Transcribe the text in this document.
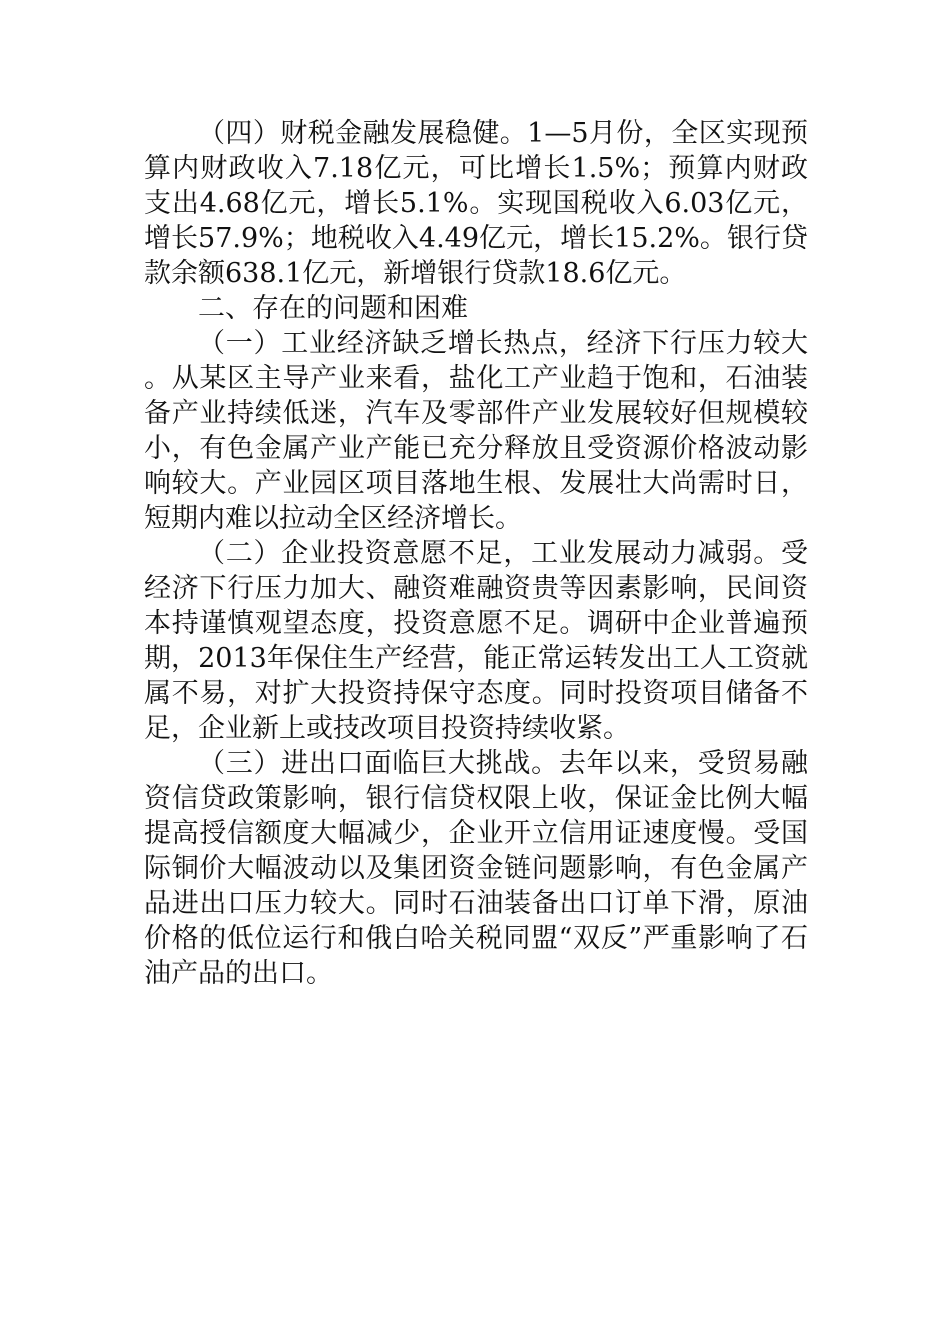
（四）财税金融发展稳健。1—5月份，全区实现预算内财政收入7.18亿元，可比增长1.5%；预算内财政支出4.68亿元，增长5.1%。实现国税收入6.03亿元，增长57.9%；地税收入4.49亿元，增长15.2%。银行贷款余额638.1亿元，新增银行贷款18.6亿元。

二、存在的问题和困难

（一）工业经济缺乏增长热点，经济下行压力较大。从某区主导产业来看，盐化工产业趋于饱和，石油装备产业持续低迷，汽车及零部件产业发展较好但规模较小，有色金属产业产能已充分释放且受资源价格波动影响较大。产业园区项目落地生根、发展壮大尚需时日，短期内难以拉动全区经济增长。

（二）企业投资意愿不足，工业发展动力减弱。受经济下行压力加大、融资难融资贵等因素影响，民间资本持谨慎观望态度，投资意愿不足。调研中企业普遍预期，2013年保住生产经营，能正常运转发出工人工资就属不易，对扩大投资持保守态度。同时投资项目储备不足，企业新上或技改项目投资持续收紧。

（三）进出口面临巨大挑战。去年以来，受贸易融资信贷政策影响，银行信贷权限上收，保证金比例大幅提高授信额度大幅减少，企业开立信用证速度慢。受国际铜价大幅波动以及集团资金链问题影响，有色金属产品进出口压力较大。同时石油装备出口订单下滑，原油价格的低位运行和俄白哈关税同盟“双反”严重影响了石油产品的出口。
